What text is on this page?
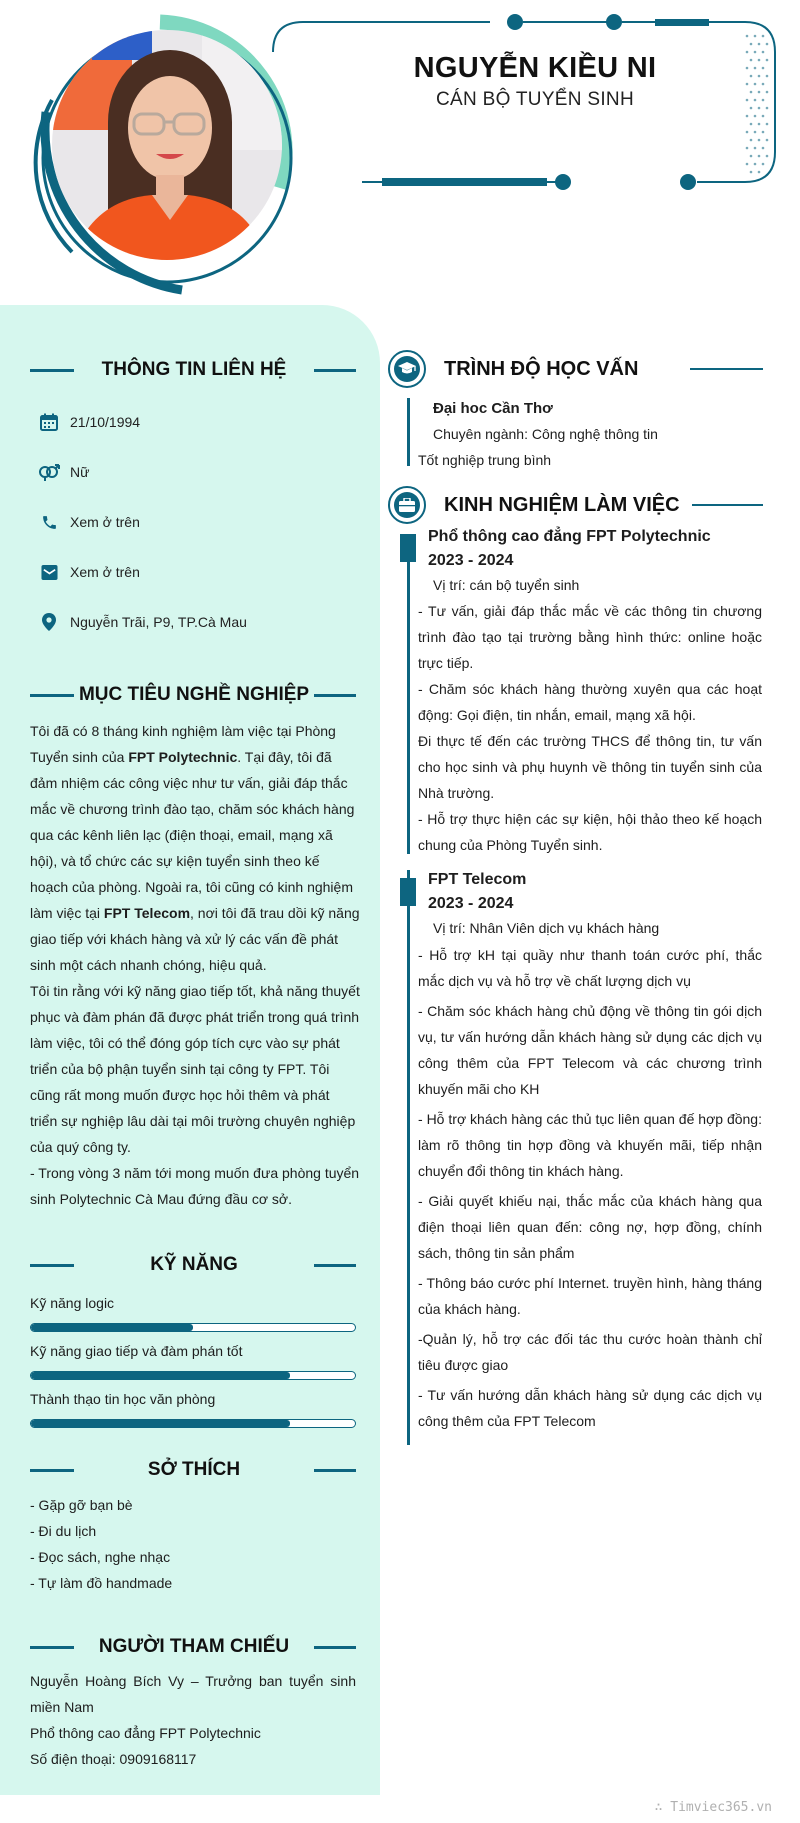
NGUYỄN KIỀU NI
CÁN BỘ TUYỂN SINH
THÔNG TIN LIÊN HỆ
21/10/1994
Nữ
Xem ở trên
Xem ở trên
Nguyễn Trãi, P9, TP.Cà Mau
MỤC TIÊU NGHỀ NGHIỆP

Tôi đã có 8 tháng kinh nghiệm làm việc tại Phòng Tuyển sinh của FPT Polytechnic. Tại đây, tôi đã đảm nhiệm các công việc như tư vấn, giải đáp thắc mắc về chương trình đào tạo, chăm sóc khách hàng qua các kênh liên lạc (điện thoại, email, mạng xã hội), và tổ chức các sự kiện tuyển sinh theo kế hoạch của phòng. Ngoài ra, tôi cũng có kinh nghiệm làm việc tại FPT Telecom, nơi tôi đã trau dồi kỹ năng giao tiếp với khách hàng và xử lý các vấn đề phát sinh một cách nhanh chóng, hiệu quả.

Tôi tin rằng với kỹ năng giao tiếp tốt, khả năng thuyết phục và đàm phán đã được phát triển trong quá trình làm việc, tôi có thể đóng góp tích cực vào sự phát triển của bộ phận tuyển sinh tại công ty FPT. Tôi cũng rất mong muốn được học hỏi thêm và phát triển sự nghiệp lâu dài tại môi trường chuyên nghiệp của quý công ty.

- Trong vòng 3 năm tới mong muốn đưa phòng tuyển sinh Polytechnic Cà Mau đứng đầu cơ sở.

KỸ NĂNG
Kỹ năng logic
Kỹ năng giao tiếp và đàm phán tốt
Thành thạo tin học văn phòng
SỞ THÍCH
- Gặp gỡ bạn bè
- Đi du lịch
- Đọc sách, nghe nhạc
- Tự làm đồ handmade
NGƯỜI THAM CHIẾU

Nguyễn Hoàng Bích Vy – Trưởng ban tuyển sinh miền Nam

Phổ thông cao đẳng FPT Polytechnic

Số điện thoại: 0909168117

TRÌNH ĐỘ HỌC VẤN
Đại hoc Cần Thơ
Chuyên ngành: Công nghệ thông tin
Tốt nghiệp trung bình
KINH NGHIỆM LÀM VIỆC
Phổ thông cao đẳng FPT Polytechnic
2023 - 2024
Vị trí: cán bộ tuyển sinh

- Tư vấn, giải đáp thắc mắc về các thông tin chương trình đào tạo tại trường bằng hình thức: online hoặc trực tiếp.

- Chăm sóc khách hàng thường xuyên qua các hoạt động: Gọi điện, tin nhắn, email, mạng xã hội.

Đi thực tế đến các trường THCS để thông tin, tư vấn cho học sinh và phụ huynh về thông tin tuyển sinh của Nhà trường.

- Hỗ trợ thực hiện các sự kiện, hội thảo theo kế hoạch chung của Phòng Tuyển sinh.

FPT Telecom
2023 - 2024
Vị trí: Nhân Viên dịch vụ khách hàng

- Hỗ trợ kH tại quầy như thanh toán cước phí, thắc mắc dịch vụ và hỗ trợ về chất lượng dịch vụ

- Chăm sóc khách hàng chủ động về thông tin gói dịch vụ, tư vấn hướng dẫn khách hàng sử dụng các dịch vụ công thêm của FPT Telecom và các chương trình khuyến mãi cho KH

- Hỗ trợ khách hàng các thủ tục liên quan đế hợp đồng: làm rõ thông tin hợp đồng và khuyến mãi, tiếp nhận chuyển đổi thông tin khách hàng.

- Giải quyết khiếu nại, thắc mắc của khách hàng qua điện thoại liên quan đến: công nợ, hợp đồng, chính sách, thông tin sản phẩm

- Thông báo cước phí Internet. truyền hình, hàng tháng của khách hàng.

-Quản lý, hỗ trợ các đối tác thu cước hoàn thành chỉ tiêu được giao

- Tư vấn hướng dẫn khách hàng sử dụng các dịch vụ công thêm của FPT Telecom

∴ Timviec365.vn
